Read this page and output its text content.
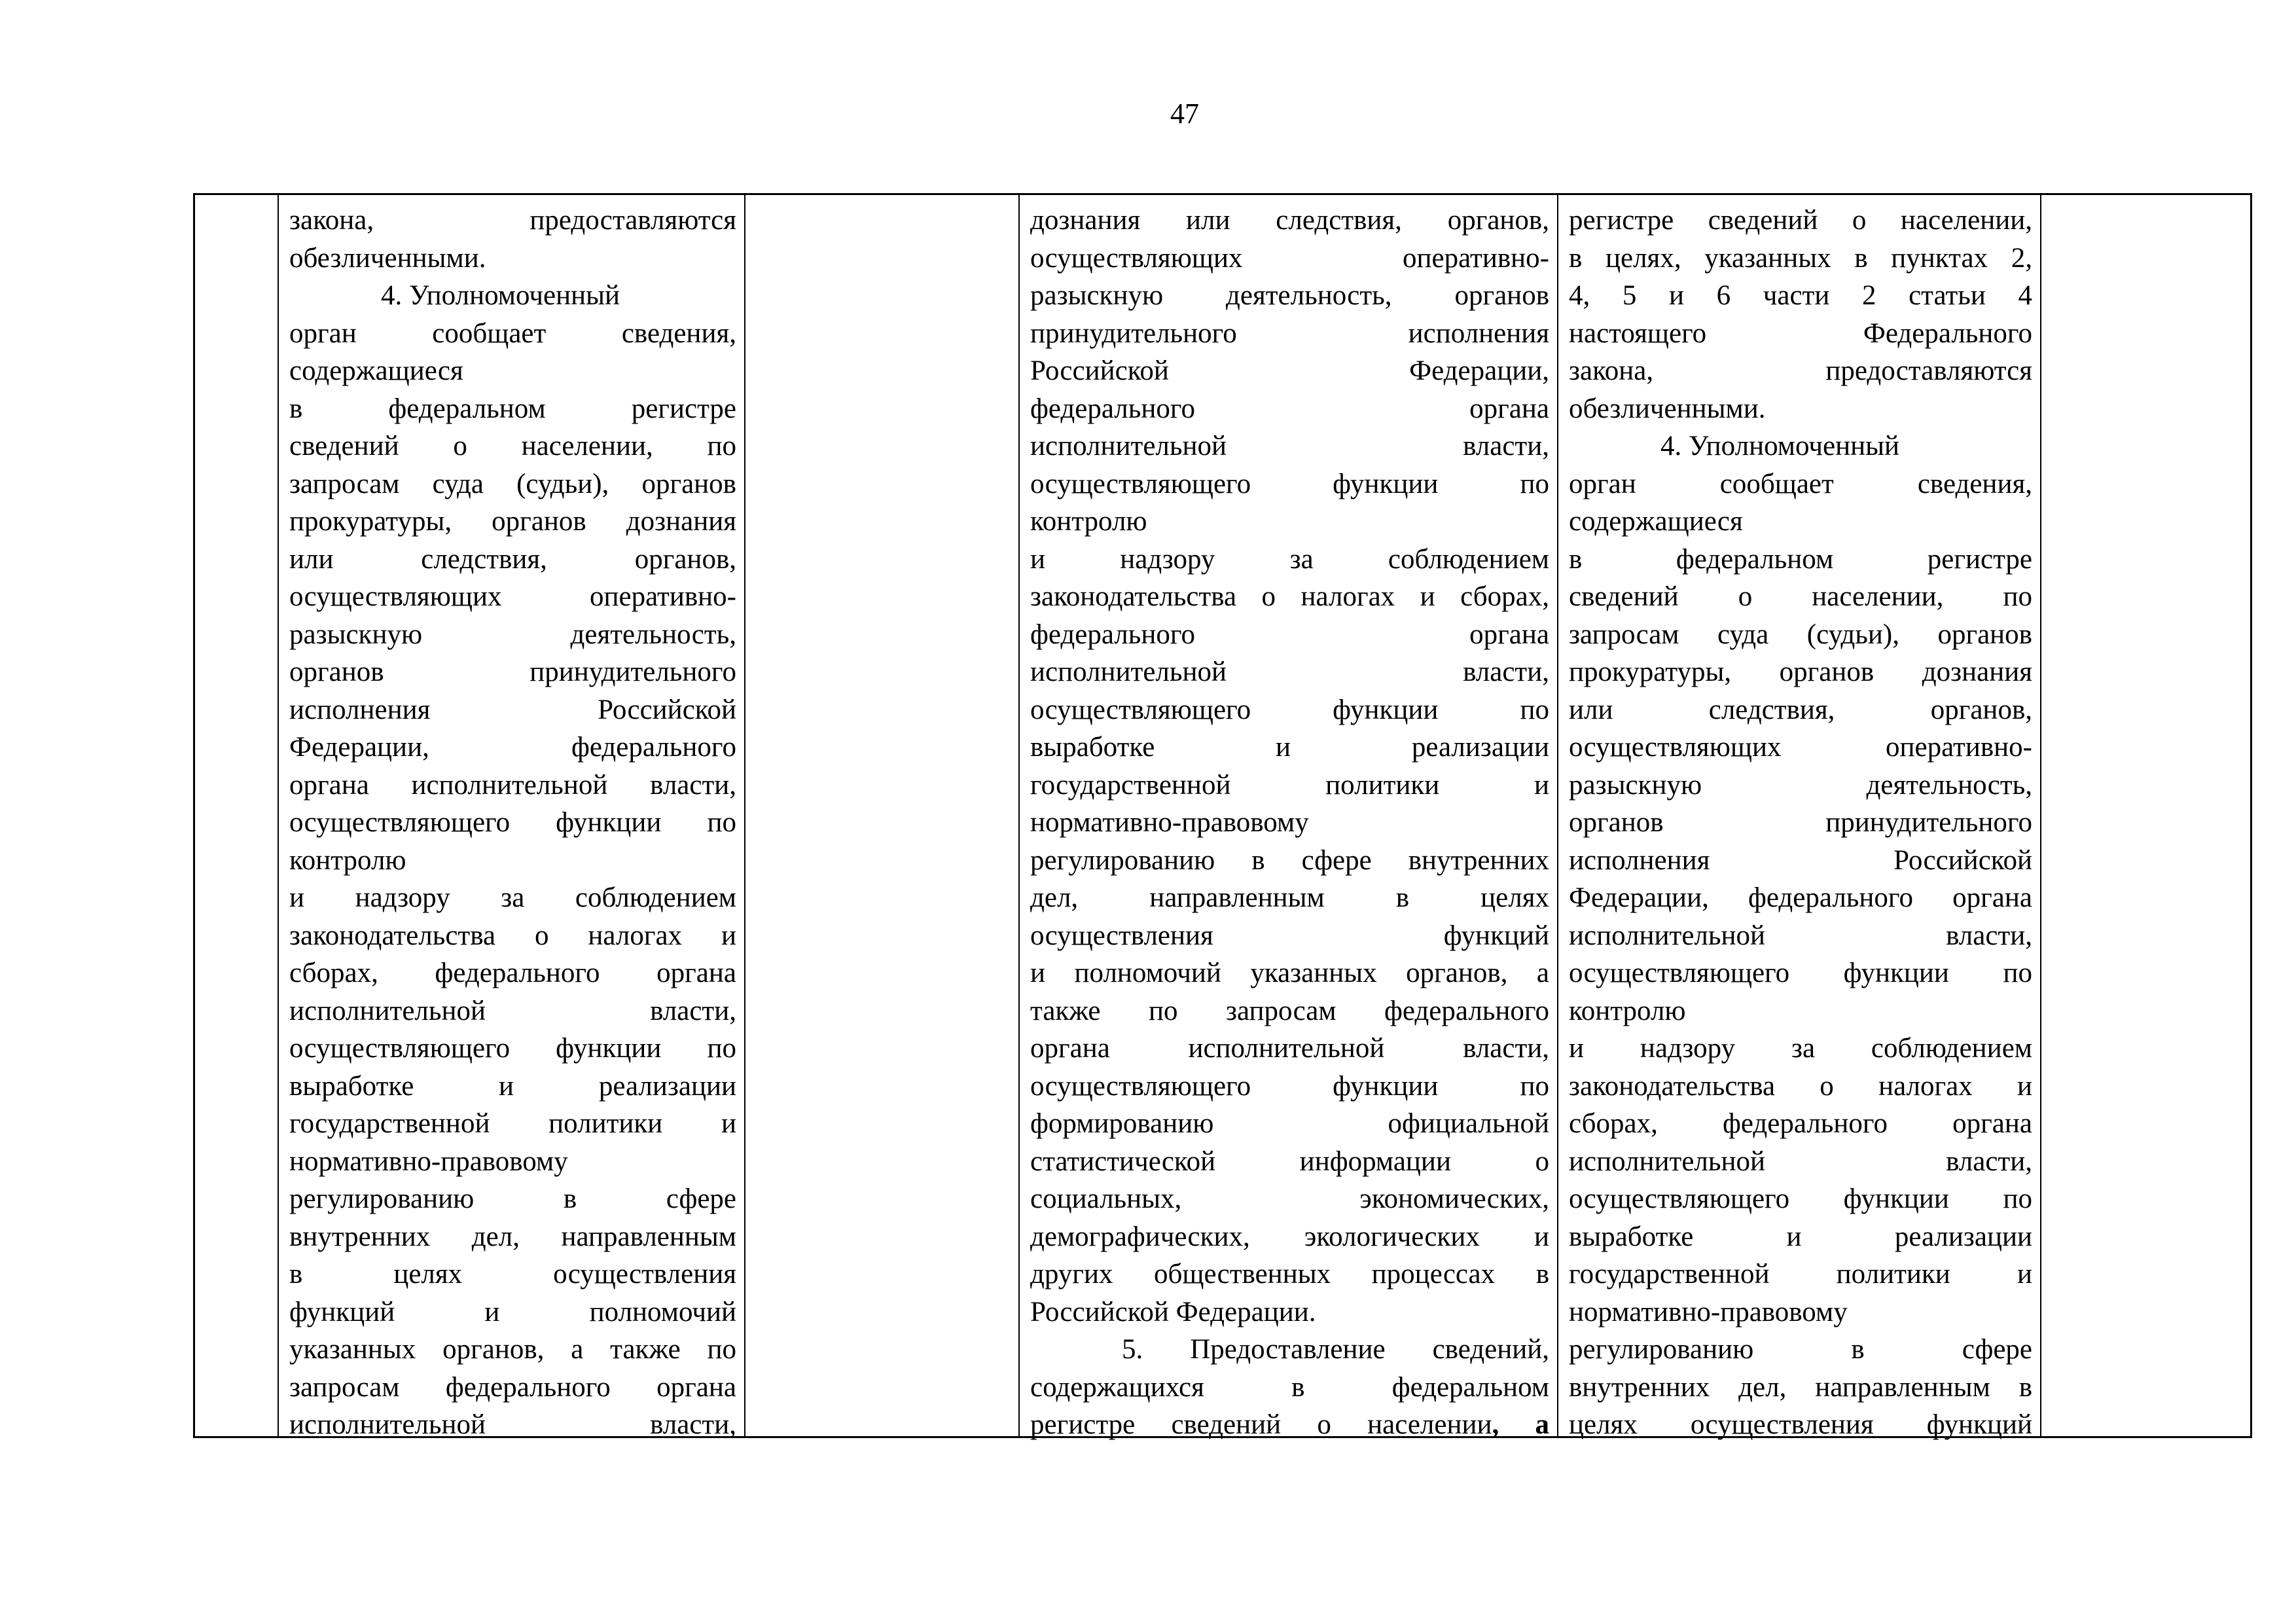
47
закона, предоставляются
обезличенными.
4. Уполномоченный
орган сообщает сведения,
содержащиеся
в федеральном регистре
сведений о населении, по
запросам суда (судьи), органов
прокуратуры, органов дознания
или следствия, органов,
осуществляющих оперативно-
разыскную деятельность,
органов принудительного
исполнения Российской
Федерации, федерального
органа исполнительной власти,
осуществляющего функции по
контролю
и надзору за соблюдением
законодательства о налогах и
сборах, федерального органа
исполнительной власти,
осуществляющего функции по
выработке и реализации
государственной политики и
нормативно-правовому
регулированию в сфере
внутренних дел, направленным
в целях осуществления
функций и полномочий
указанных органов, а также по
запросам федерального органа
исполнительной власти,
дознания или следствия, органов,
осуществляющих оперативно-
разыскную деятельность, органов
принудительного исполнения
Российской Федерации,
федерального органа
исполнительной власти,
осуществляющего функции по
контролю
и надзору за соблюдением
законодательства о налогах и сборах,
федерального органа
исполнительной власти,
осуществляющего функции по
выработке и реализации
государственной политики и
нормативно-правовому
регулированию в сфере внутренних
дел, направленным в целях
осуществления функций
и полномочий указанных органов, а
также по запросам федерального
органа исполнительной власти,
осуществляющего функции по
формированию официальной
статистической информации о
социальных, экономических,
демографических, экологических и
других общественных процессах в
Российской Федерации.
5. Предоставление сведений,
содержащихся в федеральном
регистре сведений о населении, а
регистре сведений о населении,
в целях, указанных в пунктах 2,
4, 5 и 6 части 2 статьи 4
настоящего Федерального
закона, предоставляются
обезличенными.
4. Уполномоченный
орган сообщает сведения,
содержащиеся
в федеральном регистре
сведений о населении, по
запросам суда (судьи), органов
прокуратуры, органов дознания
или следствия, органов,
осуществляющих оперативно-
разыскную деятельность,
органов принудительного
исполнения Российской
Федерации, федерального органа
исполнительной власти,
осуществляющего функции по
контролю
и надзору за соблюдением
законодательства о налогах и
сборах, федерального органа
исполнительной власти,
осуществляющего функции по
выработке и реализации
государственной политики и
нормативно-правовому
регулированию в сфере
внутренних дел, направленным в
целях осуществления функций
